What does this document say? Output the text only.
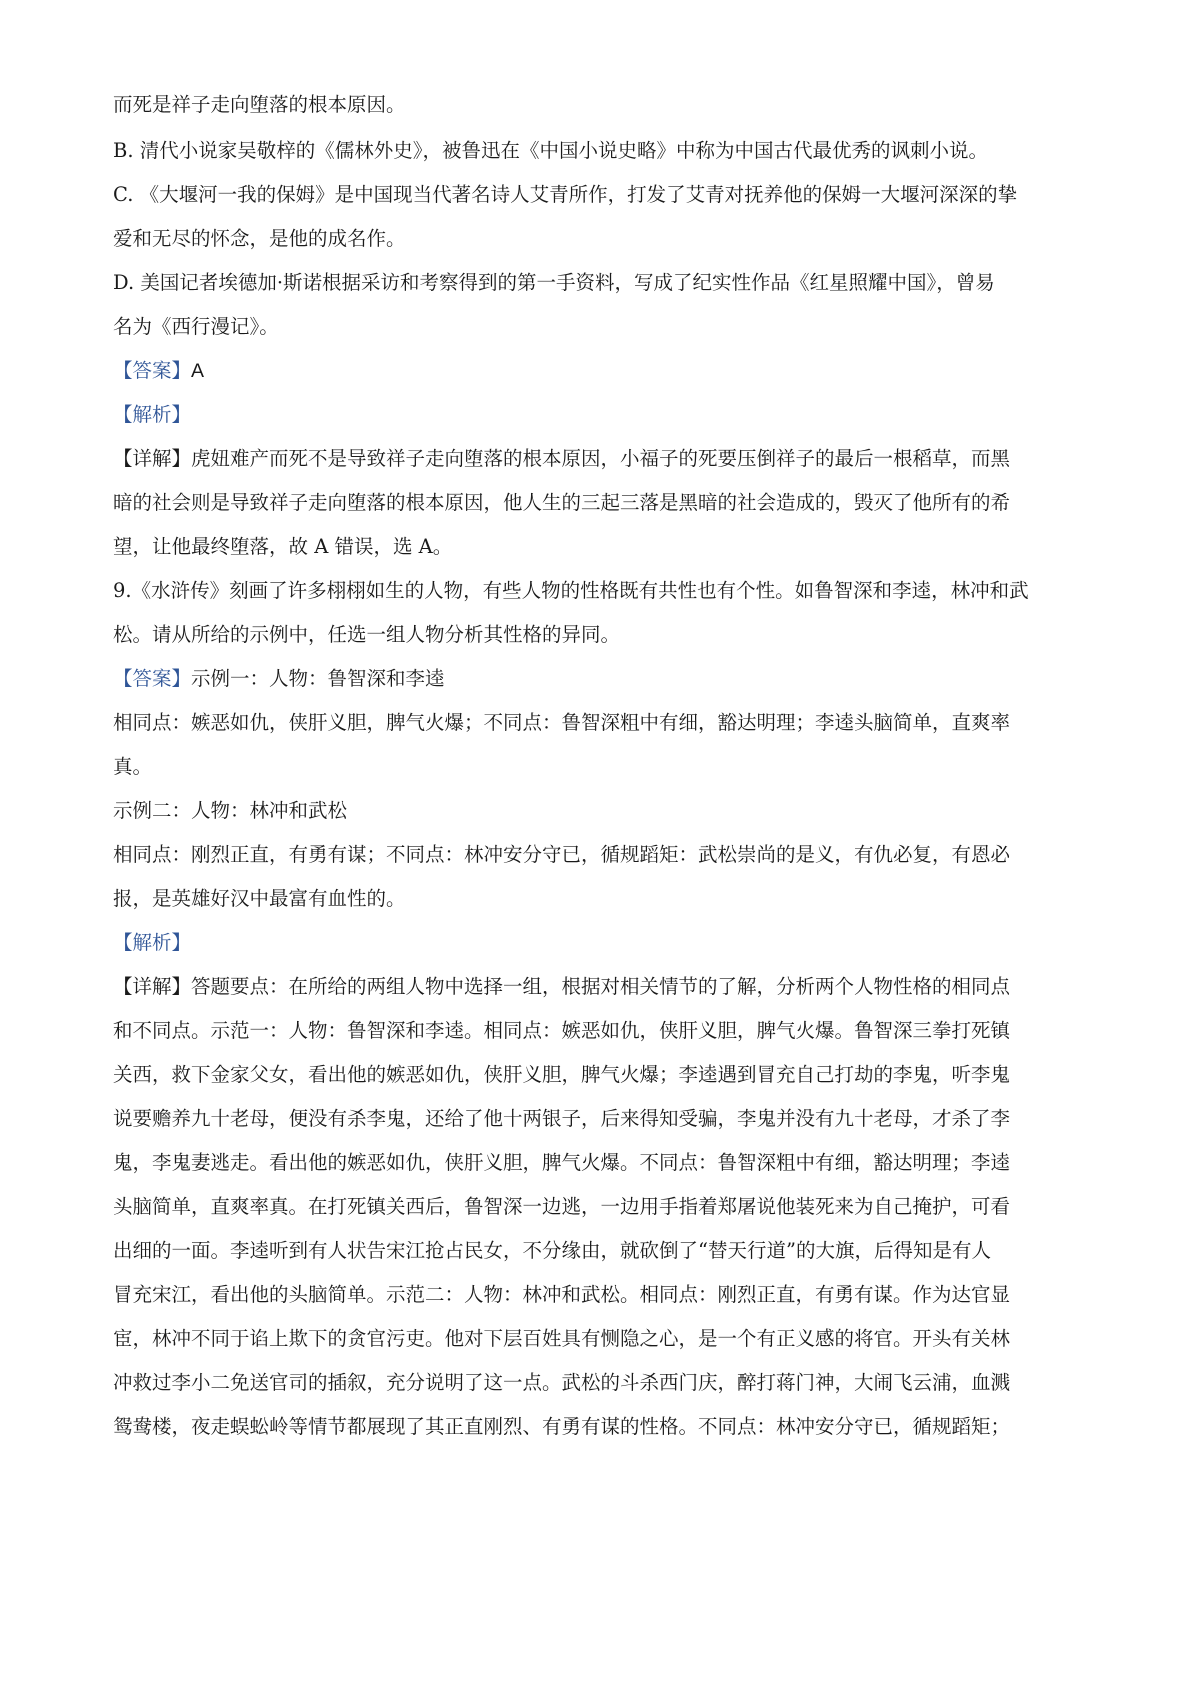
而死是祥子走向堕落的根本原因。
B. 清代小说家吴敬梓的《儒林外史》，被鲁迅在《中国小说史略》中称为中国古代最优秀的讽刺小说。
C. 《大堰河一我的保姆》是中国现当代著名诗人艾青所作，打发了艾青对抚养他的保姆一大堰河深深的挚
爱和无尽的怀念，是他的成名作。
D. 美国记者埃德加·斯诺根据采访和考察得到的第一手资料，写成了纪实性作品《红星照耀中国》，曾易
名为《西行漫记》。
【答案】A
【解析】
【详解】虎妞难产而死不是导致祥子走向堕落的根本原因，小福子的死要压倒祥子的最后一根稻草，而黑
暗的社会则是导致祥子走向堕落的根本原因，他人生的三起三落是黑暗的社会造成的，毁灭了他所有的希
望，让他最终堕落，故 A 错误，选 A。
9.《水浒传》刻画了许多栩栩如生的人物，有些人物的性格既有共性也有个性。如鲁智深和李逵，林冲和武
松。请从所给的示例中，任选一组人物分析其性格的异同。
【答案】示例一：人物：鲁智深和李逵
相同点：嫉恶如仇，侠肝义胆，脾气火爆；不同点：鲁智深粗中有细，豁达明理；李逵头脑简单，直爽率
真。
示例二：人物：林冲和武松
相同点：刚烈正直，有勇有谋；不同点：林冲安分守已，循规蹈矩：武松崇尚的是义，有仇必复，有恩必
报，是英雄好汉中最富有血性的。
【解析】
【详解】答题要点：在所给的两组人物中选择一组，根据对相关情节的了解，分析两个人物性格的相同点
和不同点。示范一：人物：鲁智深和李逵。相同点：嫉恶如仇，侠肝义胆，脾气火爆。鲁智深三拳打死镇
关西，救下金家父女，看出他的嫉恶如仇，侠肝义胆，脾气火爆；李逵遇到冒充自己打劫的李鬼，听李鬼
说要赡养九十老母，便没有杀李鬼，还给了他十两银子，后来得知受骗，李鬼并没有九十老母，才杀了李
鬼，李鬼妻逃走。看出他的嫉恶如仇，侠肝义胆，脾气火爆。不同点：鲁智深粗中有细，豁达明理；李逵
头脑简单，直爽率真。在打死镇关西后，鲁智深一边逃，一边用手指着郑屠说他装死来为自己掩护，可看
出细的一面。李逵听到有人状告宋江抢占民女，不分缘由，就砍倒了“替天行道”的大旗，后得知是有人
冒充宋江，看出他的头脑简单。示范二：人物：林冲和武松。相同点：刚烈正直，有勇有谋。作为达官显
宦，林冲不同于谄上欺下的贪官污吏。他对下层百姓具有恻隐之心，是一个有正义感的将官。开头有关林
冲救过李小二免送官司的插叙，充分说明了这一点。武松的斗杀西门庆，醉打蒋门神，大闹飞云浦，血溅
鸳鸯楼，夜走蜈蚣岭等情节都展现了其正直刚烈、有勇有谋的性格。不同点：林冲安分守已，循规蹈矩；
